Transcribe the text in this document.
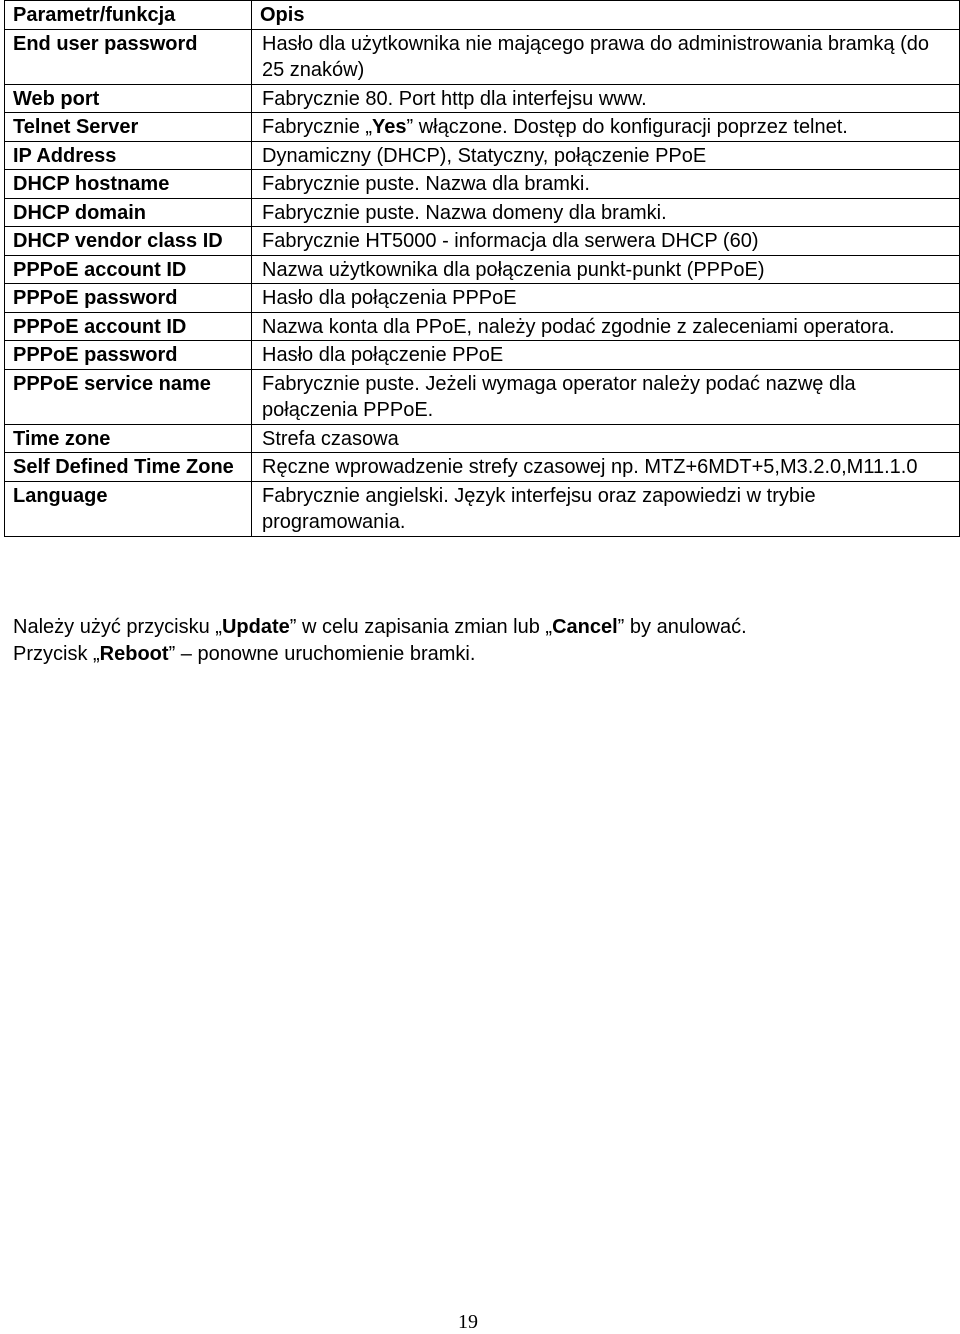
Parametr/funkcja	Opis
End user password	Hasło dla użytkownika nie mającego prawa do administrowania bramką (do 25 znaków)
Web port	Fabrycznie 80. Port http dla interfejsu www.
Telnet Server	Fabrycznie „Yes” włączone. Dostęp do konfiguracji poprzez telnet.
IP Address	Dynamiczny (DHCP), Statyczny, połączenie PPoE
DHCP hostname	Fabrycznie puste. Nazwa dla bramki.
DHCP domain	Fabrycznie puste. Nazwa domeny dla bramki.
DHCP vendor class ID	Fabrycznie HT5000 - informacja dla serwera DHCP (60)
PPPoE account ID	Nazwa użytkownika dla połączenia punkt-punkt (PPPoE)
PPPoE password	Hasło dla połączenia PPPoE
PPPoE account ID	Nazwa konta dla PPoE, należy podać zgodnie z zaleceniami operatora.
PPPoE password	Hasło dla połączenie PPoE
PPPoE service name	Fabrycznie puste. Jeżeli wymaga operator należy podać nazwę dla połączenia PPPoE.
Time zone	Strefa czasowa
Self Defined Time Zone	Ręczne wprowadzenie strefy czasowej np. MTZ+6MDT+5,M3.2.0,M11.1.0
Language	Fabrycznie angielski. Język interfejsu oraz zapowiedzi w trybie programowania.

Należy użyć przycisku „Update” w celu zapisania zmian lub „Cancel” by anulować.

Przycisk „Reboot” – ponowne uruchomienie bramki.

19
